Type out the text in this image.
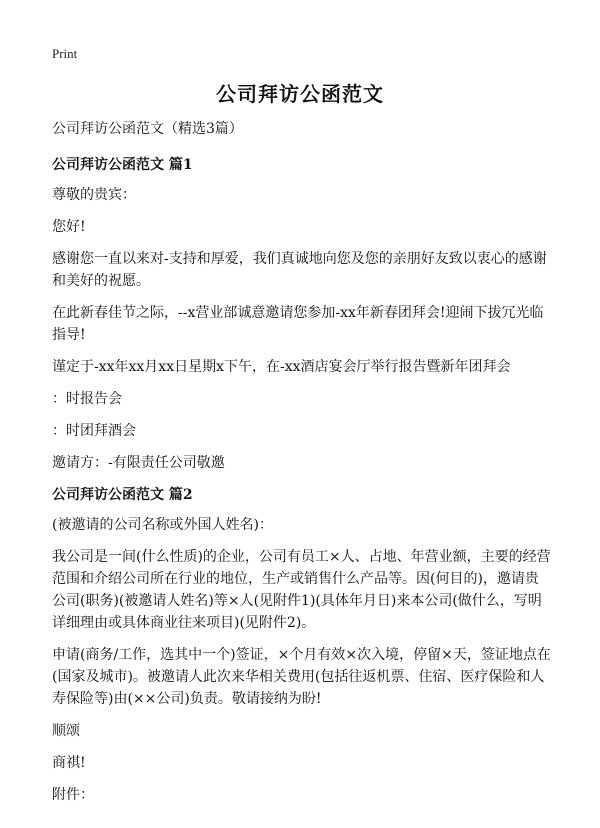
Print
公司拜访公函范文

公司拜访公函范文（精选3篇）

公司拜访公函范文 篇1

尊敬的贵宾：

您好!

感谢您一直以来对-支持和厚爱，我们真诚地向您及您的亲朋好友致以衷心的感谢和美好的祝愿。

在此新春佳节之际，--x营业部诚意邀请您参加-xx年新春团拜会!迎闹下拔冗光临指导!

谨定于-xx年xx月xx日星期x下午，在-xx酒店宴会厅举行报告暨新年团拜会

：时报告会

：时团拜酒会

邀请方：-有限责任公司敬邀

公司拜访公函范文 篇2

(被邀请的公司名称或外国人姓名)：

我公司是一间(什么性质)的企业，公司有员工×人、占地、年营业额，主要的经营范围和介绍公司所在行业的地位，生产或销售什么产品等。因(何目的)，邀请贵公司(职务)(被邀请人姓名)等×人(见附件1)(具体年月日)来本公司(做什么，写明详细理由或具体商业往来项目)(见附件2)。

申请(商务/工作，选其中一个)签证，×个月有效×次入境，停留×天，签证地点在(国家及城市)。被邀请人此次来华相关费用(包括往返机票、住宿、医疗保险和人寿保险等)由(××公司)负责。敬请接纳为盼!

顺颂

商祺!

附件：
